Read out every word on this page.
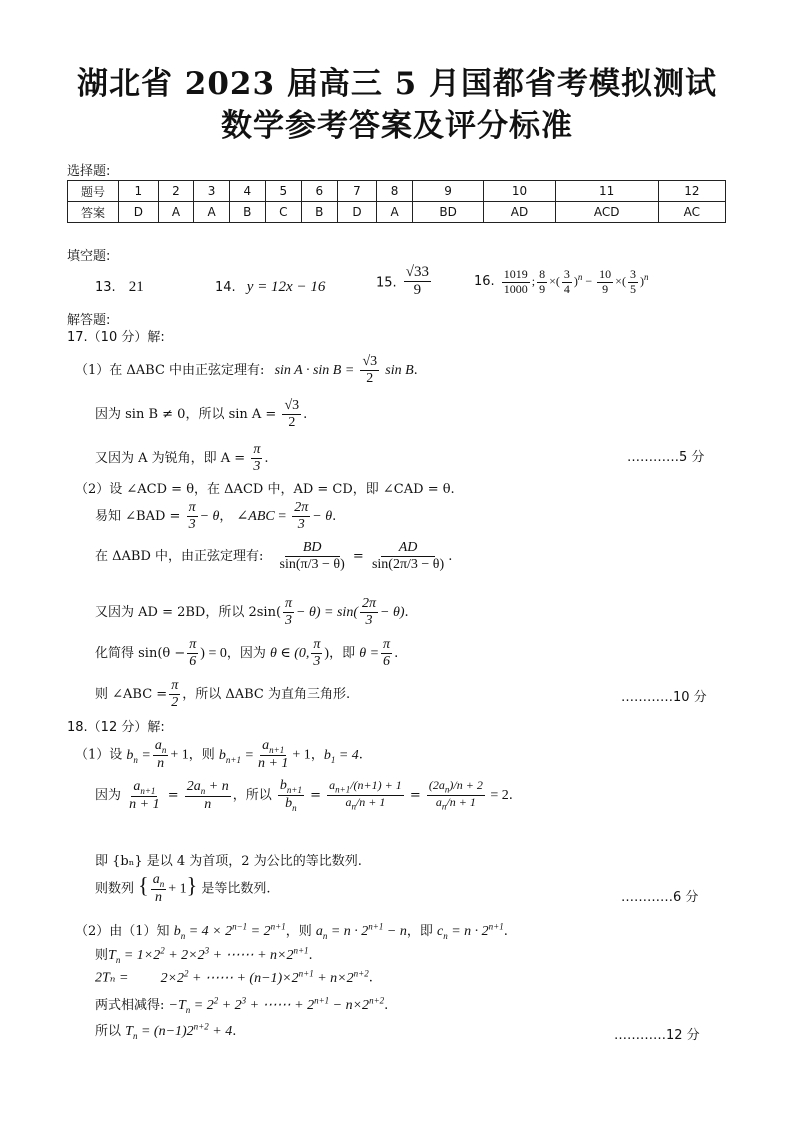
湖北省 2023 届高三 5 月国都省考模拟测试
数学参考答案及评分标准
选择题:
题号	1	2	3	4	5	6	7	8	9	10	11	12
答案	D	A	A	B	C	B	D	A	BD	AD	ACD	AC
填空题:
13. 21	14. y = 12x − 16	15. $\frac{√33}{9}$	16. $\frac{1019}{1000}$ ; $\frac{8}{9}$ ×( $\frac{3}{4} )^n - \frac{10}{9}$ ×( $\frac{3}{5} )^n$
解答题:
17.（10 分）解:
（1）在 ΔABC 中由正弦定理有: $\sin A \cdot \sin B = \frac{√3}{2}$ sin B.
因为 sin B ≠ 0，所以 $\sin A = \frac{√3}{2}$ .
又因为 A 为锐角，即 $A = \frac{\pi}{3}$ .	…………5 分
（2）设 ∠ACD = θ，在 ΔACD 中，AD = CD，即 ∠CAD = θ.
易知 ∠BAD = $\frac{\pi}{3} - \theta$， ∠ABC = $\frac{2\pi}{3} - \theta$.
在 ΔABD 中，由正弦定理有: $\frac{BD}{\sin(\pi/3 - \theta)} = \frac{AD}{\sin(2\pi/3 - \theta)}$ .
又因为 AD = 2BD，所以 $2\sin( \frac{\pi}{3} - \theta) = \sin( \frac{2\pi}{3} - \theta)$.
化简得 $\sin(\theta - \frac{\pi}{6}$ ) = 0，因为 θ ∈ (0, $\frac{\pi}{3}$ )，即 $\theta = \frac{\pi}{6}$ .
则 ∠ABC = $\frac{\pi}{2}$ ，所以 ΔABC 为直角三角形.	…………10 分
18.（12 分）解:
（1）设 $b_n = \frac{a_n}{n} + 1$，则 $b_{n+1} = \frac{a_{n+1}}{n + 1} + 1$，$b_1 = 4$.
因为 $\frac{a_{n+1}}{n + 1} = \frac{2a_n + n}{n}$ ，所以 $\frac{b_{n+1}}{b_n} = \frac{a_{n+1}/(n+1) + 1}{a_n/n + 1} = \frac{(2a_n)/n + 2}{a_n/n + 1} = 2$.
即 {bₙ} 是以 4 为首项，2 为公比的等比数列.
则数列 { $\frac{a_n}{n} + 1$} 是等比数列.
…………6 分
（2）由（1）知 $b_n = 4 \times 2^{n-1} = 2^{n+1}$，则 $a_n = n \cdot 2^{n+1} - n$，即 $c_n = n \cdot 2^{n+1}$.
则$T_n = 1\times 2^2 + 2\times 2^3$ + ⋯⋯ + $n\times 2^{n+1}$.
$2T_n = 2\times 2^2$ + ⋯⋯ + $(n-1)\times 2^{n+1} + n\times 2^{n+2}$.
两式相减得: $-T_n = 2^2 + 2^3$ + ⋯⋯ + $2^{n+1} - n\times 2^{n+2}$.
所以 $T_n = (n-1)2^{n+2} + 4$.	…………12 分
